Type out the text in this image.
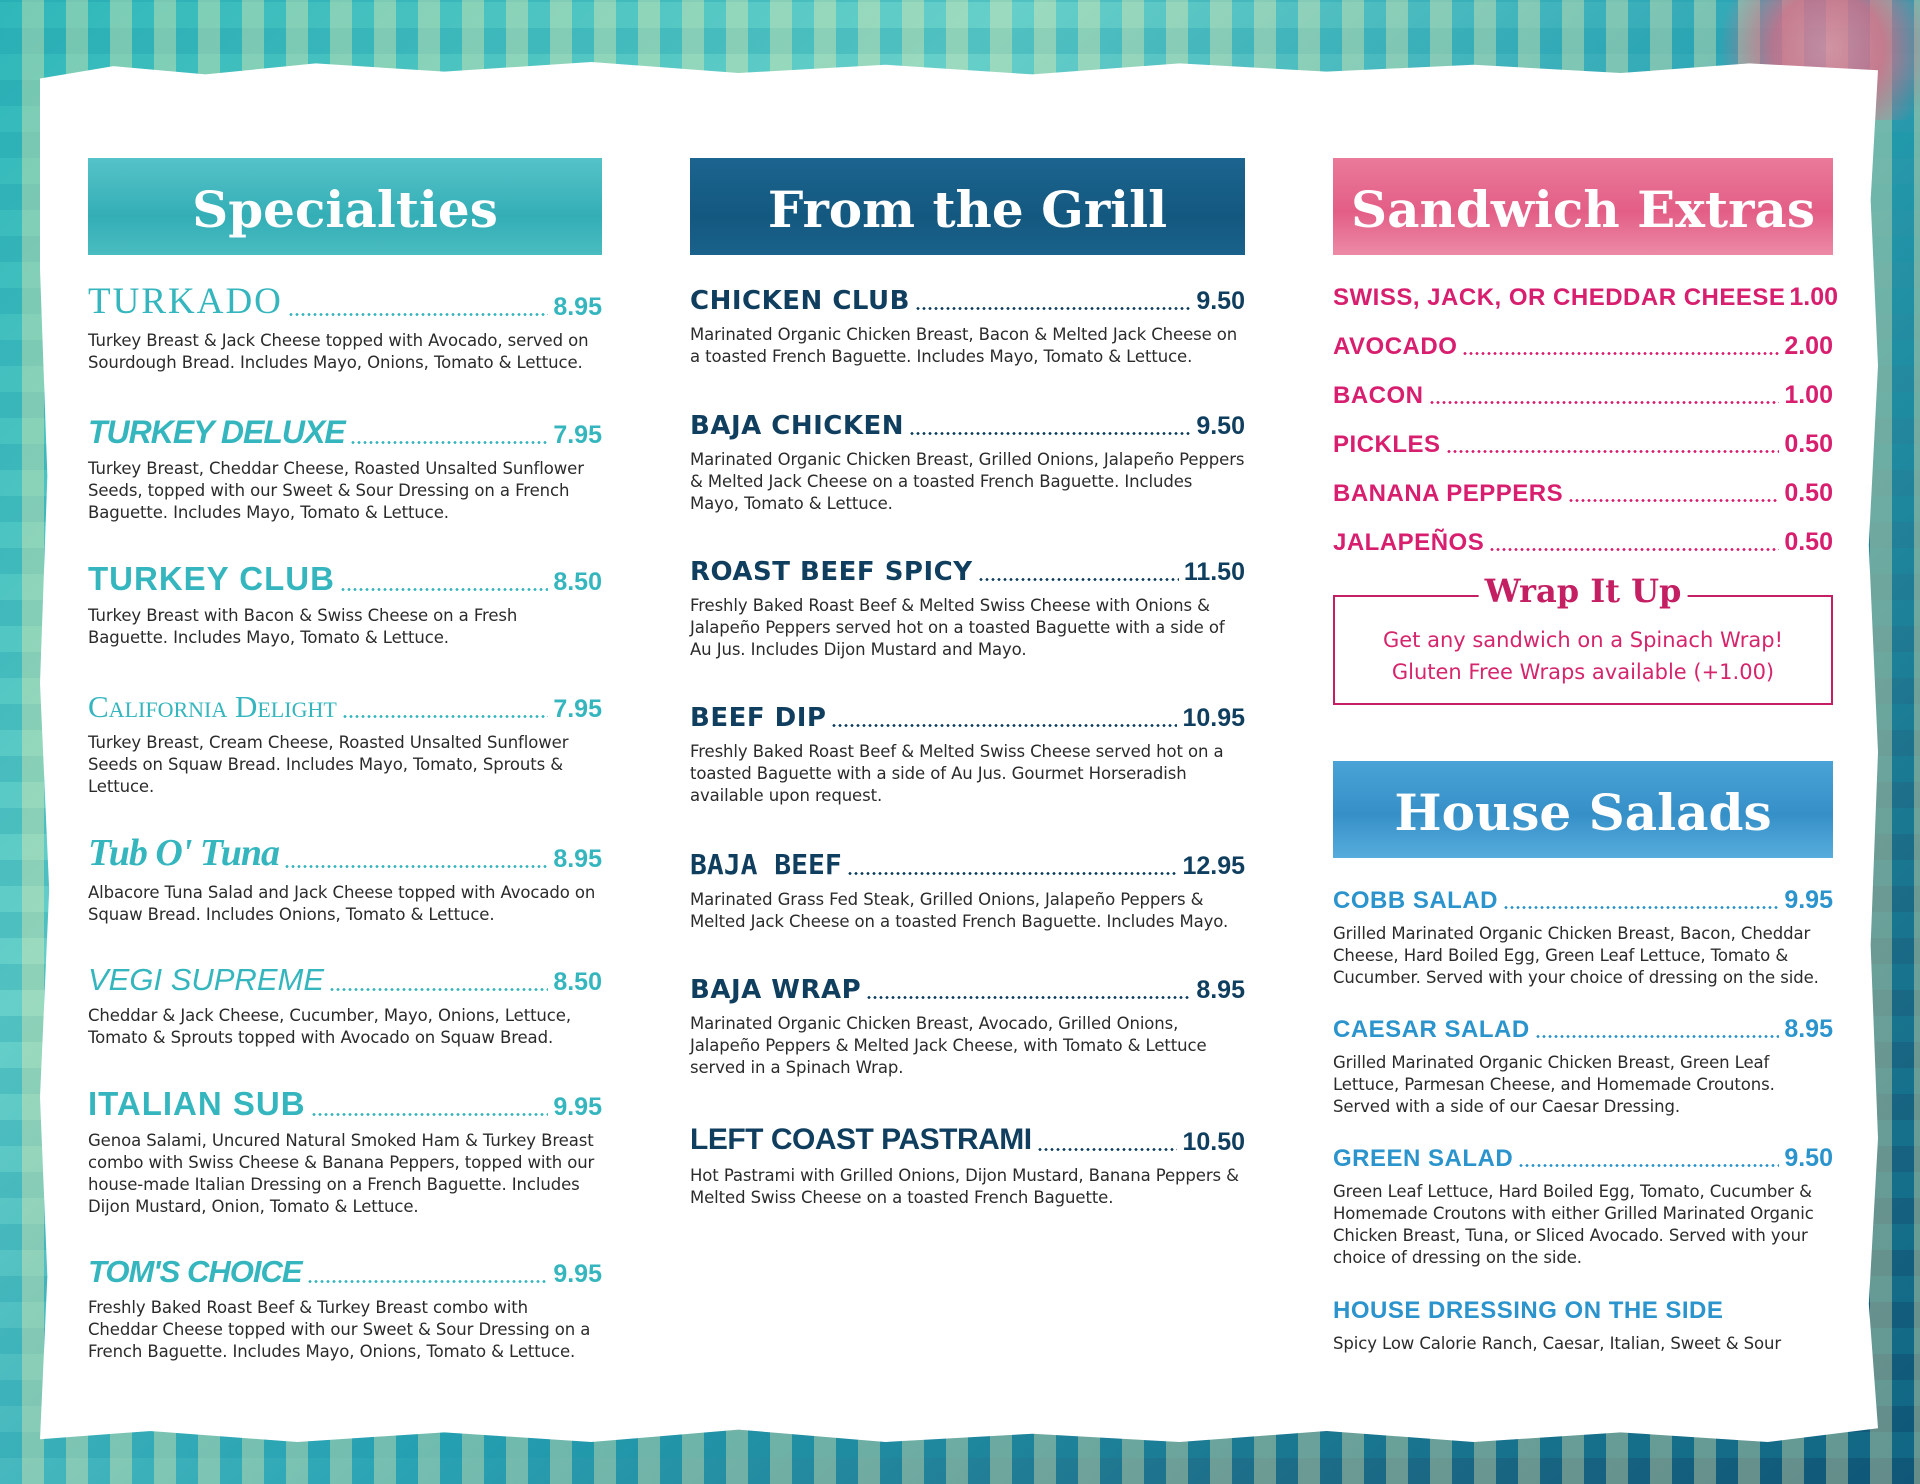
Specialties
TURKADO	8.95
Turkey Breast & Jack Cheese topped with Avocado, served on Sourdough Bread. Includes Mayo, Onions, Tomato & Lettuce.
TURKEY DELUXE	7.95
Turkey Breast, Cheddar Cheese, Roasted Unsalted Sunflower Seeds, topped with our Sweet & Sour Dressing on a French Baguette. Includes Mayo, Tomato & Lettuce.
TURKEY CLUB	8.50
Turkey Breast with Bacon & Swiss Cheese on a Fresh Baguette. Includes Mayo, Tomato & Lettuce.
California Delight	7.95
Turkey Breast, Cream Cheese, Roasted Unsalted Sunflower Seeds on Squaw Bread. Includes Mayo, Tomato, Sprouts & Lettuce.
Tub O' Tuna	8.95
Albacore Tuna Salad and Jack Cheese topped with Avocado on Squaw Bread. Includes Onions, Tomato & Lettuce.
VEGI SUPREME	8.50
Cheddar & Jack Cheese, Cucumber, Mayo, Onions, Lettuce, Tomato & Sprouts topped with Avocado on Squaw Bread.
ITALIAN SUB	9.95
Genoa Salami, Uncured Natural Smoked Ham & Turkey Breast combo with Swiss Cheese & Banana Peppers, topped with our house-made Italian Dressing on a French Baguette. Includes Dijon Mustard, Onion, Tomato & Lettuce.
TOM'S CHOICE	9.95
Freshly Baked Roast Beef & Turkey Breast combo with Cheddar Cheese topped with our Sweet & Sour Dressing on a French Baguette. Includes Mayo, Onions, Tomato & Lettuce.
From the Grill
CHICKEN CLUB	9.50
Marinated Organic Chicken Breast, Bacon & Melted Jack Cheese on a toasted French Baguette. Includes Mayo, Tomato & Lettuce.
BAJA CHICKEN	9.50
Marinated Organic Chicken Breast, Grilled Onions, Jalapeño Peppers & Melted Jack Cheese on a toasted French Baguette. Includes Mayo, Tomato & Lettuce.
ROAST BEEF SPICY	11.50
Freshly Baked Roast Beef & Melted Swiss Cheese with Onions & Jalapeño Peppers served hot on a toasted Baguette with a side of Au Jus. Includes Dijon Mustard and Mayo.
BEEF DIP	10.95
Freshly Baked Roast Beef & Melted Swiss Cheese served hot on a toasted Baguette with a side of Au Jus. Gourmet Horseradish available upon request.
BAJA BEEF	12.95
Marinated Grass Fed Steak, Grilled Onions, Jalapeño Peppers & Melted Jack Cheese on a toasted French Baguette. Includes Mayo.
BAJA WRAP	8.95
Marinated Organic Chicken Breast, Avocado, Grilled Onions, Jalapeño Peppers & Melted Jack Cheese, with Tomato & Lettuce served in a Spinach Wrap.
LEFT COAST PASTRAMI	10.50
Hot Pastrami with Grilled Onions, Dijon Mustard, Banana Peppers & Melted Swiss Cheese on a toasted French Baguette.
Sandwich Extras
SWISS, JACK, OR CHEDDAR CHEESE 1.00
AVOCADO	2.00
BACON	1.00
PICKLES	0.50
BANANA PEPPERS	0.50
JALAPEÑOS	0.50
Wrap It Up
Get any sandwich on a Spinach Wrap!
Gluten Free Wraps available (+1.00)
House Salads
COBB SALAD	9.95
Grilled Marinated Organic Chicken Breast, Bacon, Cheddar Cheese, Hard Boiled Egg, Green Leaf Lettuce, Tomato & Cucumber. Served with your choice of dressing on the side.
CAESAR SALAD	8.95
Grilled Marinated Organic Chicken Breast, Green Leaf Lettuce, Parmesan Cheese, and Homemade Croutons. Served with a side of our Caesar Dressing.
GREEN SALAD	9.50
Green Leaf Lettuce, Hard Boiled Egg, Tomato, Cucumber & Homemade Croutons with either Grilled Marinated Organic Chicken Breast, Tuna, or Sliced Avocado. Served with your choice of dressing on the side.
HOUSE DRESSING ON THE SIDE
Spicy Low Calorie Ranch, Caesar, Italian, Sweet & Sour
